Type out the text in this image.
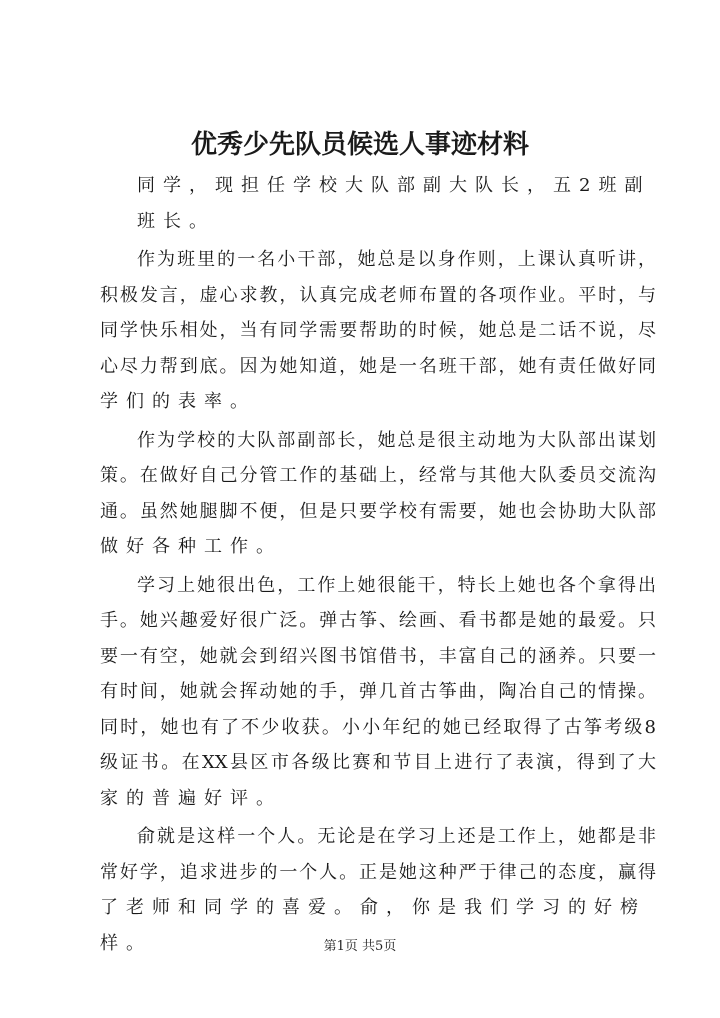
优秀少先队员候选人事迹材料
同学，现担任学校大队部副大队长，五2班副班长。
作为班里的一名小干部，她总是以身作则，上课认真听讲，
积极发言，虚心求教，认真完成老师布置的各项作业。平时，与
同学快乐相处，当有同学需要帮助的时候，她总是二话不说，尽
心尽力帮到底。因为她知道，她是一名班干部，她有责任做好同
学们的表率。
作为学校的大队部副部长，她总是很主动地为大队部出谋划
策。在做好自己分管工作的基础上，经常与其他大队委员交流沟
通。虽然她腿脚不便，但是只要学校有需要，她也会协助大队部
做好各种工作。
学习上她很出色，工作上她很能干，特长上她也各个拿得出
手。她兴趣爱好很广泛。弹古筝、绘画、看书都是她的最爱。只
要一有空，她就会到绍兴图书馆借书，丰富自己的涵养。只要一
有时间，她就会挥动她的手，弹几首古筝曲，陶冶自己的情操。
同时，她也有了不少收获。小小年纪的她已经取得了古筝考级8
级证书。在XX县区市各级比赛和节目上进行了表演，得到了大
家的普遍好评。
俞就是这样一个人。无论是在学习上还是工作上，她都是非
常好学，追求进步的一个人。正是她这种严于律己的态度，赢得
了老师和同学的喜爱。俞，你是我们学习的好榜样。	第1页 共5页
